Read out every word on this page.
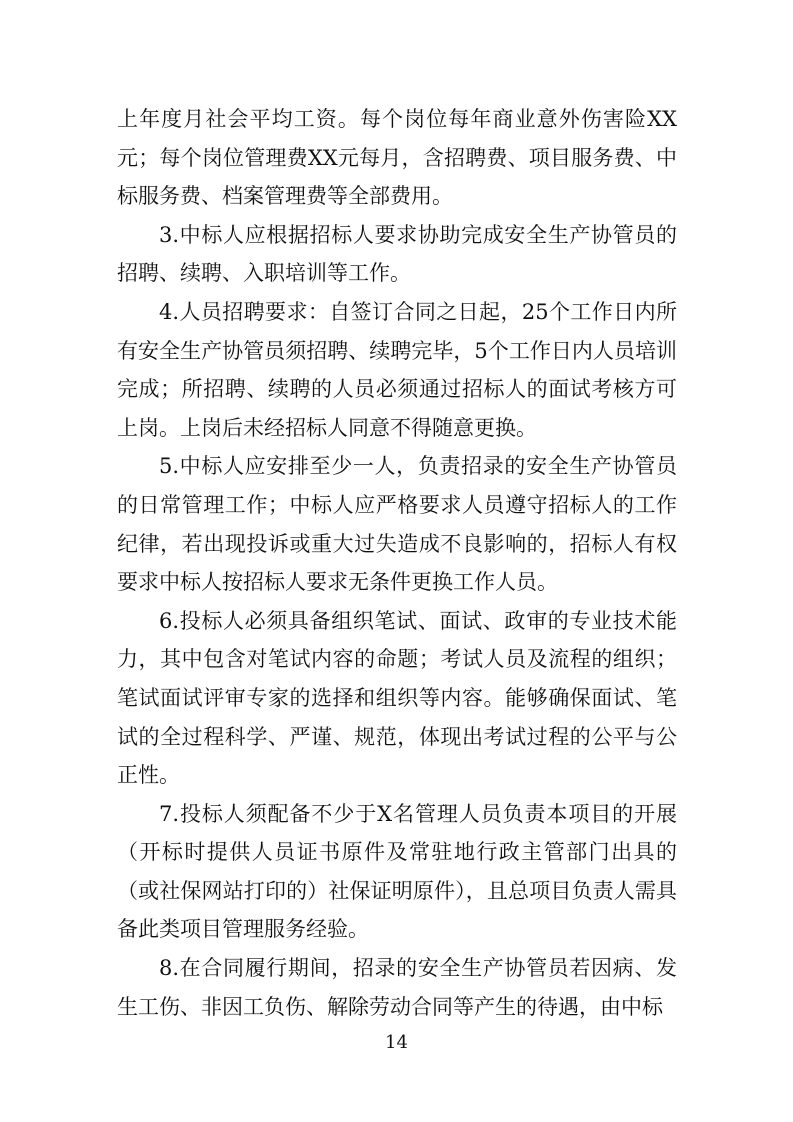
上年度月社会平均工资。每个岗位每年商业意外伤害险XX元；每个岗位管理费XX元每月，含招聘费、项目服务费、中标服务费、档案管理费等全部费用。

3.中标人应根据招标人要求协助完成安全生产协管员的招聘、续聘、入职培训等工作。

4.人员招聘要求：自签订合同之日起，25个工作日内所有安全生产协管员须招聘、续聘完毕，5个工作日内人员培训完成；所招聘、续聘的人员必须通过招标人的面试考核方可上岗。上岗后未经招标人同意不得随意更换。

5.中标人应安排至少一人，负责招录的安全生产协管员的日常管理工作；中标人应严格要求人员遵守招标人的工作纪律，若出现投诉或重大过失造成不良影响的，招标人有权要求中标人按招标人要求无条件更换工作人员。

6.投标人必须具备组织笔试、面试、政审的专业技术能力，其中包含对笔试内容的命题；考试人员及流程的组织；笔试面试评审专家的选择和组织等内容。能够确保面试、笔试的全过程科学、严谨、规范，体现出考试过程的公平与公正性。

7.投标人须配备不少于X名管理人员负责本项目的开展（开标时提供人员证书原件及常驻地行政主管部门出具的（或社保网站打印的）社保证明原件），且总项目负责人需具备此类项目管理服务经验。

8.在合同履行期间，招录的安全生产协管员若因病、发生工伤、非因工负伤、解除劳动合同等产生的待遇，由中标

14
